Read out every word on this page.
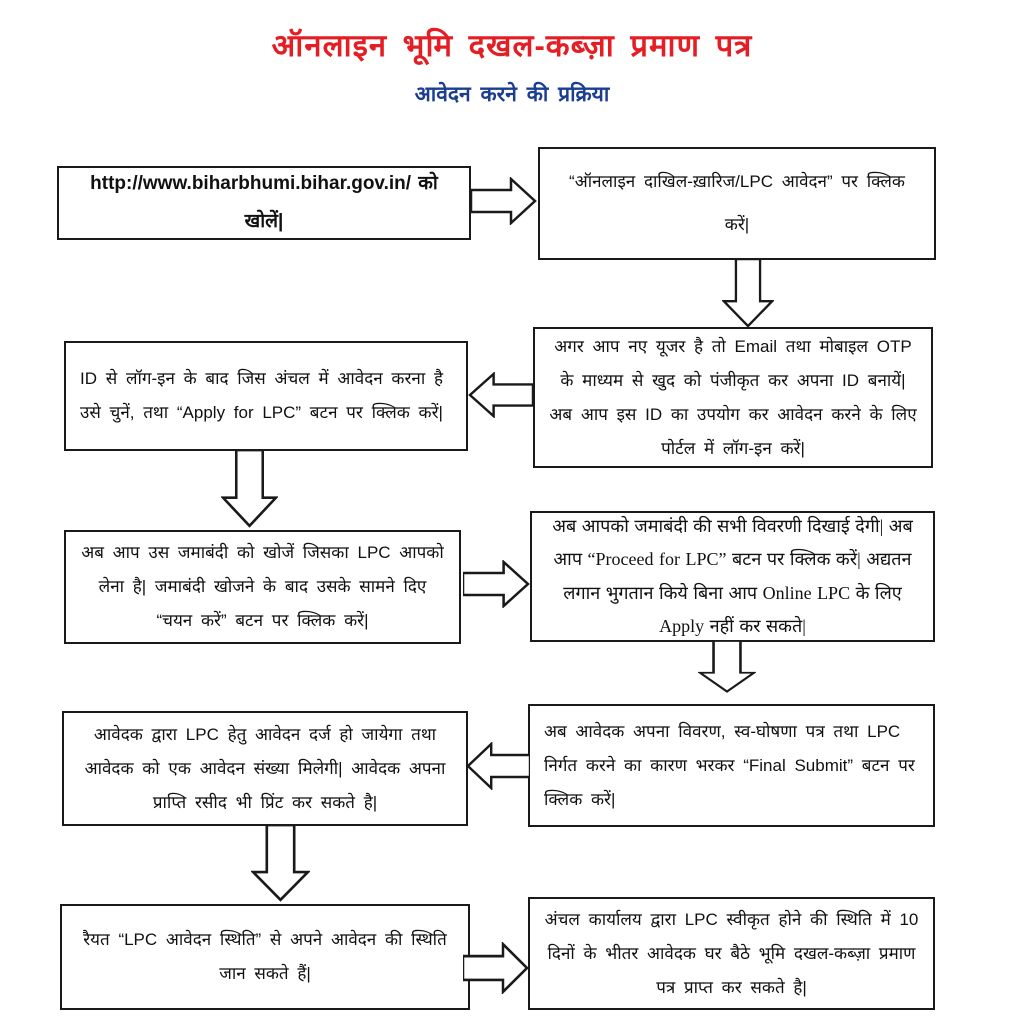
ऑनलाइन भूमि दखल-कब्ज़ा प्रमाण पत्र
आवेदन करने की प्रक्रिया
http://www.biharbhumi.bihar.gov.in/ को खोलें|
“ऑनलाइन दाखिल-ख़ारिज/LPC आवेदन” पर क्लिक करें|
अगर आप नए यूजर है तो Email तथा मोबाइल OTP के माध्यम से खुद को पंजीकृत कर अपना ID बनायें| अब आप इस ID का उपयोग कर आवेदन करने के लिए पोर्टल में लॉग-इन करें|
ID से लॉग-इन के बाद जिस अंचल में आवेदन करना है उसे चुनें, तथा “Apply for LPC” बटन पर क्लिक करें|
अब आप उस जमाबंदी को खोजें जिसका LPC आपको लेना है| जमाबंदी खोजने के बाद उसके सामने दिए “चयन करें” बटन पर क्लिक करें|
अब आपको जमाबंदी की सभी विवरणी दिखाई देगी| अब आप “Proceed for LPC” बटन पर क्लिक करें| अद्यतन लगान भुगतान किये बिना आप Online LPC के लिए Apply नहीं कर सकते|
अब आवेदक अपना विवरण, स्व-घोषणा पत्र तथा LPC निर्गत करने का कारण भरकर “Final Submit” बटन पर क्लिक करें|
आवेदक द्वारा LPC हेतु आवेदन दर्ज हो जायेगा तथा आवेदक को एक आवेदन संख्या मिलेगी| आवेदक अपना प्राप्ति रसीद भी प्रिंट कर सकते है|
रैयत “LPC आवेदन स्थिति” से अपने आवेदन की स्थिति जान सकते हैं|
अंचल कार्यालय द्वारा LPC स्वीकृत होने की स्थिति में 10 दिनों के भीतर आवेदक घर बैठे भूमि दखल-कब्ज़ा प्रमाण पत्र प्राप्त कर सकते है|
